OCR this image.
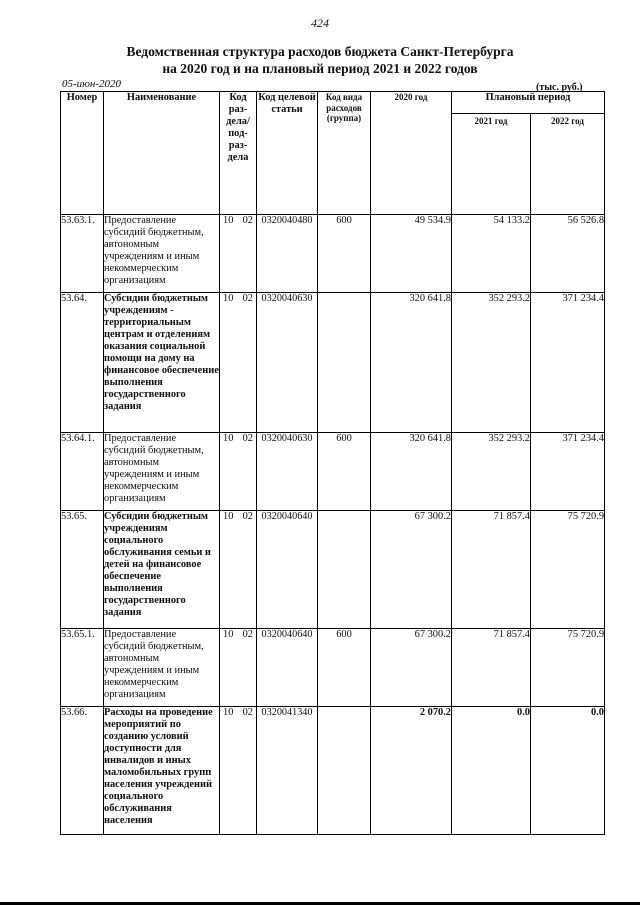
424
Ведомственная структура расходов бюджета Санкт-Петербурга
на 2020 год и на плановый период 2021 и 2022 годов
05-июн-2020	(тыс. руб.)
Номер	Наименование	Код раз- дела/ под- раз- дела	Код целевой статьи	Код вида расходов (группа)	2020 год	Плановый период	
						2021 год	2022 год
53.63.1.	Предоставление субсидий бюджетным, автономным учреждениям и иным некоммерческим организациям	10 02	0320040480	600	49 534.9	54 133.2	56 526.8
53.64.	Субсидии бюджетным учреждениям - территориальным центрам и отделениям оказания социальной помощи на дому на финансовое обеспечение выполнения государственного задания	10 02	0320040630		320 641.8	352 293.2	371 234.4
53.64.1.	Предоставление субсидий бюджетным, автономным учреждениям и иным некоммерческим организациям	10 02	0320040630	600	320 641.8	352 293.2	371 234.4
53.65.	Субсидии бюджетным учреждениям социального обслуживания семьи и детей на финансовое обеспечение выполнения государственного задания	10 02	0320040640		67 300.2	71 857.4	75 720.9
53.65.1.	Предоставление субсидий бюджетным, автономным учреждениям и иным некоммерческим организациям	10 02	0320040640	600	67 300.2	71 857.4	75 720.9
53.66.	Расходы на проведение мероприятий по созданию условий доступности для инвалидов и иных маломобильных групп населения учреждений социального обслуживания населения	10 02	0320041340		2 070.2	0.0	0.0
